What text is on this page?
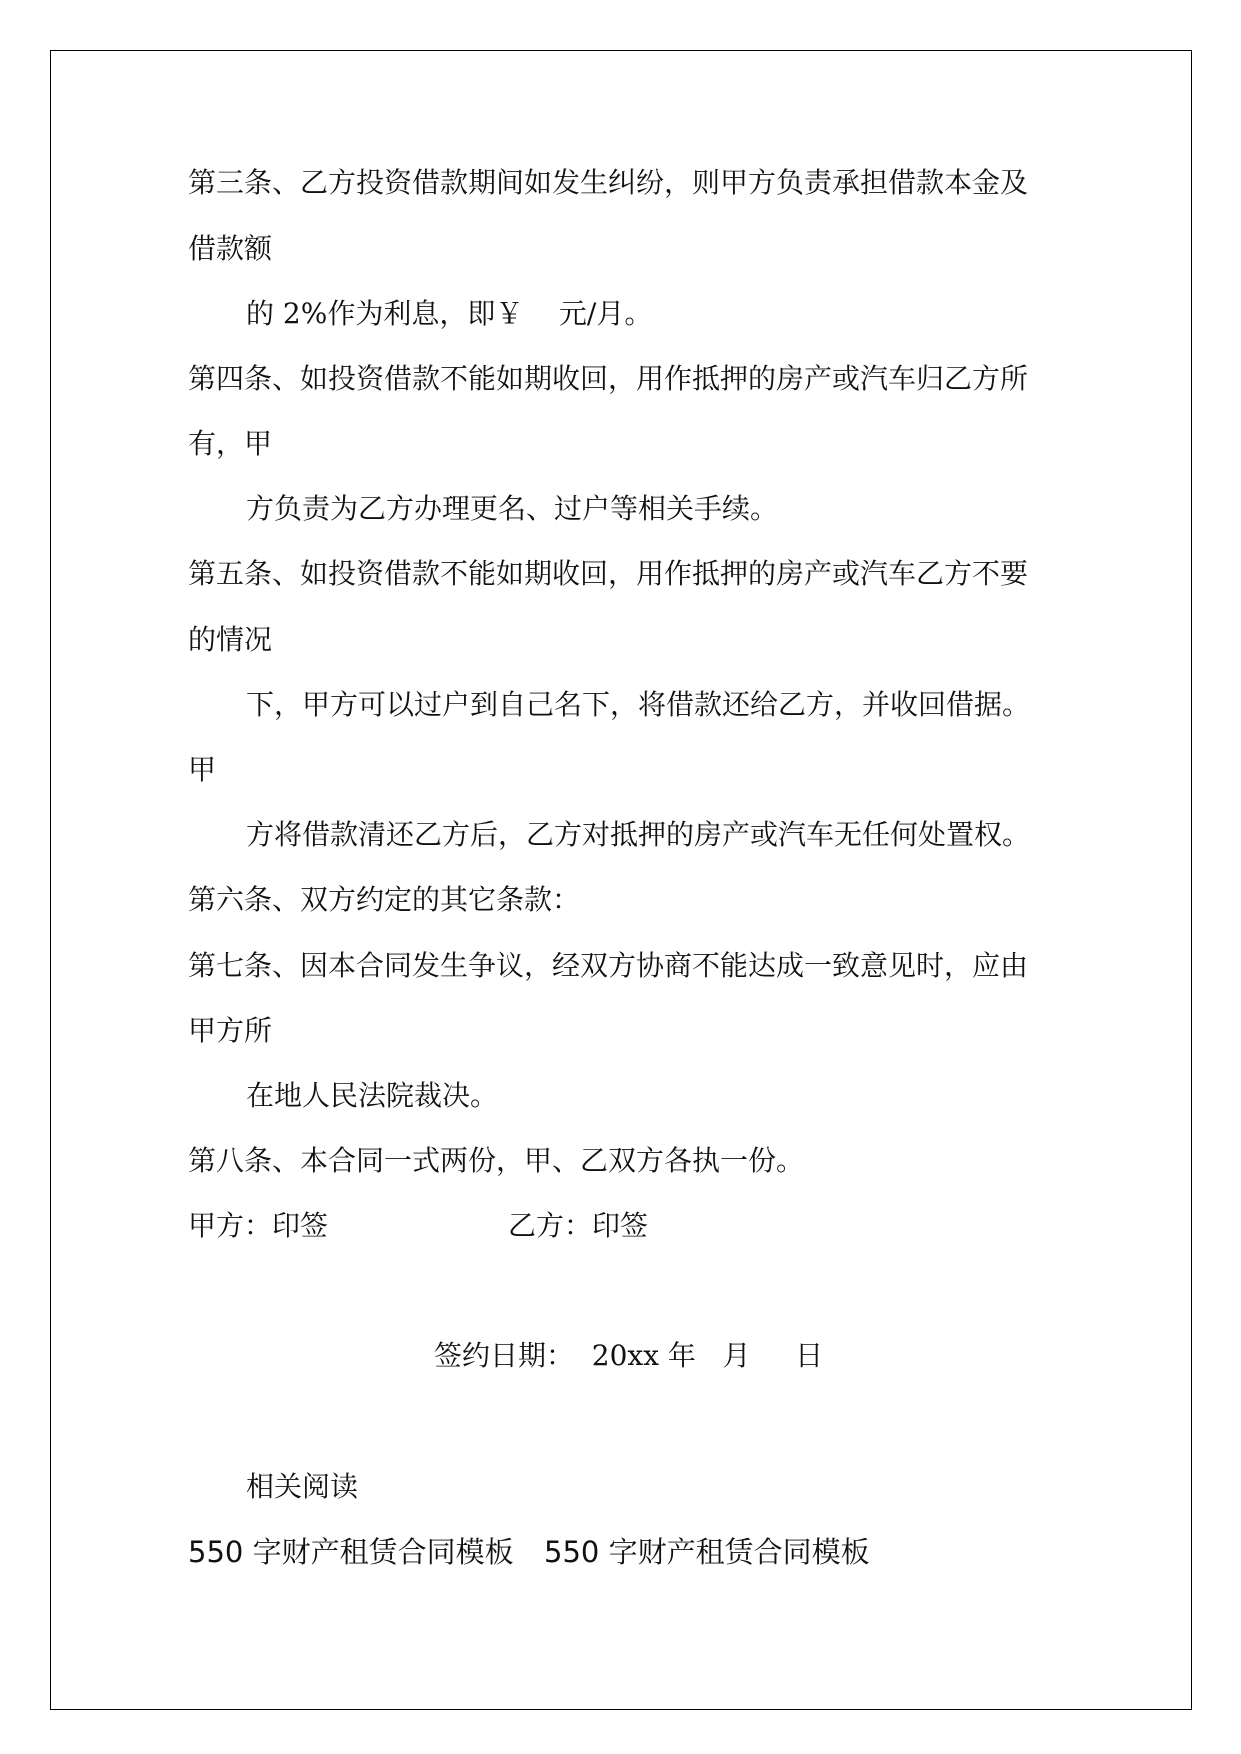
第三条、乙方投资借款期间如发生纠纷，则甲方负责承担借款本金及
借款额
的 2%作为利息，即￥    元/月。
第四条、如投资借款不能如期收回，用作抵押的房产或汽车归乙方所
有，甲
方负责为乙方办理更名、过户等相关手续。
第五条、如投资借款不能如期收回，用作抵押的房产或汽车乙方不要
的情况
下，甲方可以过户到自己名下，将借款还给乙方，并收回借据。
甲
方将借款清还乙方后，乙方对抵押的房产或汽车无任何处置权。
第六条、双方约定的其它条款：
第七条、因本合同发生争议，经双方协商不能达成一致意见时，应由
甲方所
在地人民法院裁决。
第八条、本合同一式两份，甲、乙双方各执一份。
甲方：印签	乙方：印签
签约日期：  20xx 年   月     日
相关阅读
550 字财产租赁合同模板 550 字财产租赁合同模板
